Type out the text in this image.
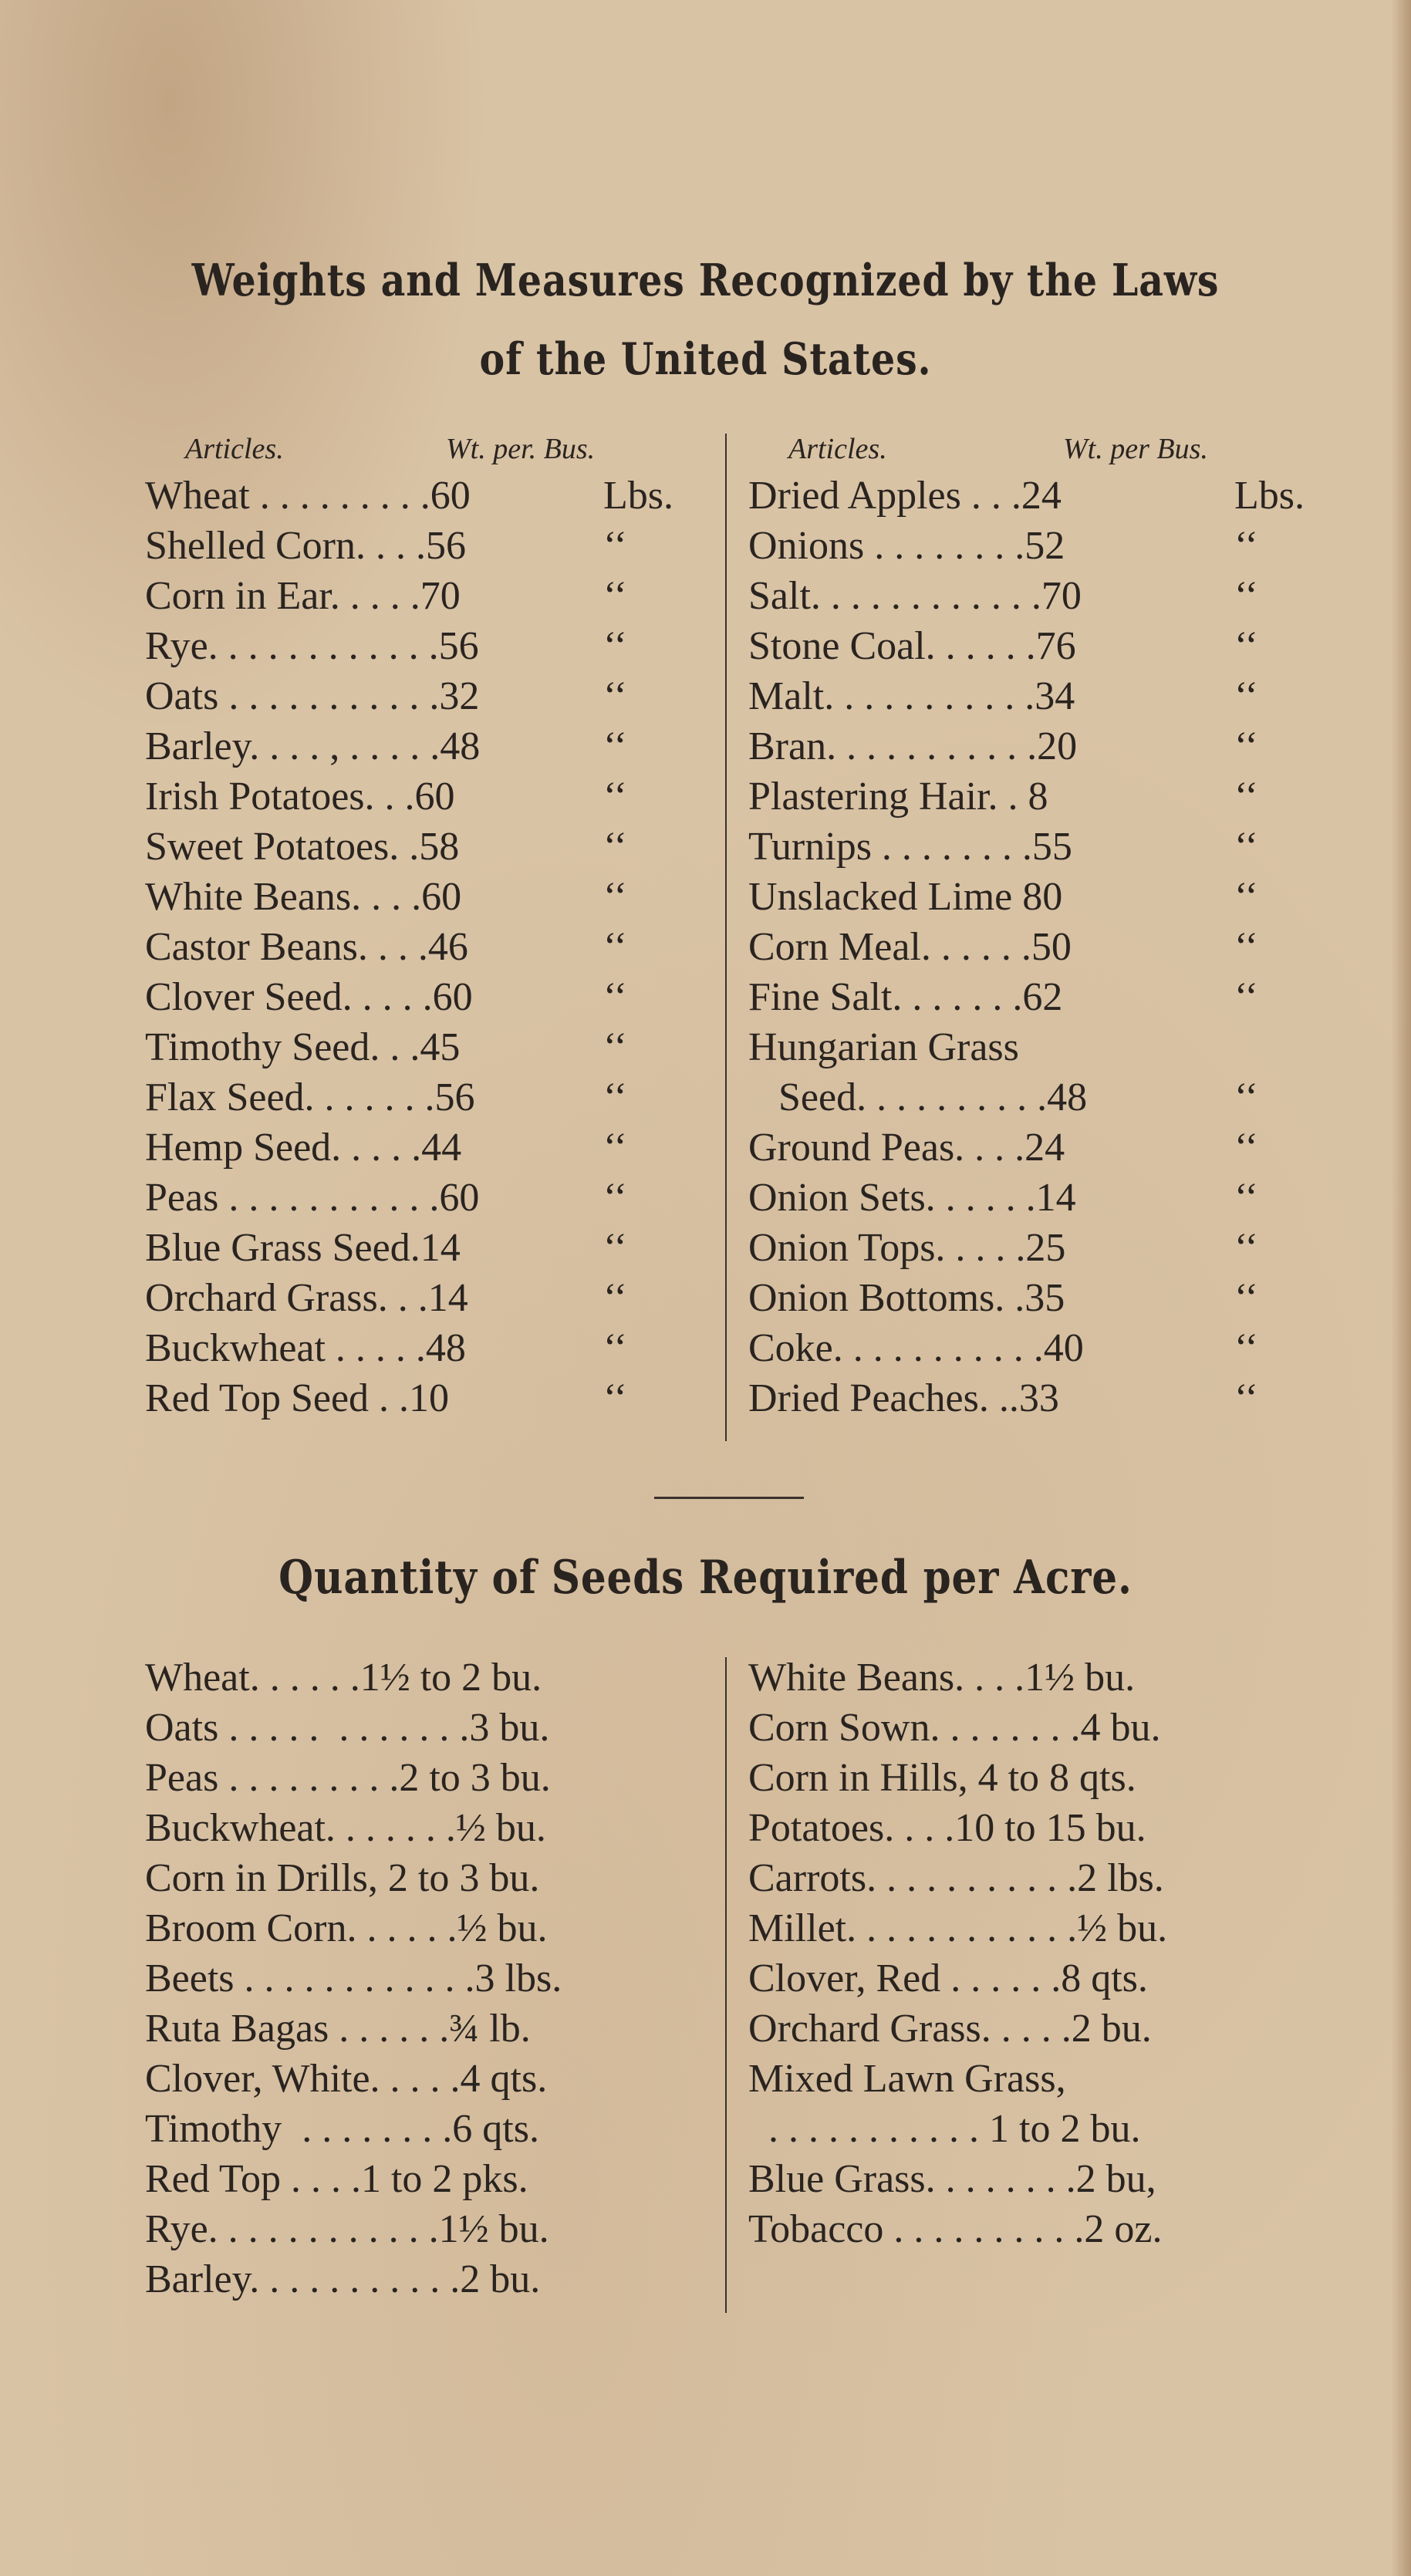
Weights and Measures Recognized by the Laws
of the United States.
Articles.	Wt. per. Bus.	Articles.	Wt. per Bus.
Wheat . . . . . . . . .60	Lbs.
Shelled Corn. . . .56	‘‘
Corn in Ear. . . . .70	‘‘
Rye. . . . . . . . . . . .56	‘‘
Oats . . . . . . . . . . .32	‘‘
Barley. . . . , . . . . .48	‘‘
Irish Potatoes. . .60	‘‘
Sweet Potatoes. .58	‘‘
White Beans. . . .60	‘‘
Castor Beans. . . .46	‘‘
Clover Seed. . . . .60	‘‘
Timothy Seed. . .45	‘‘
Flax Seed. . . . . . .56	‘‘
Hemp Seed. . . . .44	‘‘
Peas . . . . . . . . . . .60	‘‘
Blue Grass Seed.14	‘‘
Orchard Grass. . .14	‘‘
Buckwheat . . . . .48	‘‘
Red Top Seed . .10	‘‘
Dried Apples . . .24	Lbs.
Onions . . . . . . . .52	‘‘
Salt. . . . . . . . . . . .70	‘‘
Stone Coal. . . . . .76	‘‘
Malt. . . . . . . . . . .34	‘‘
Bran. . . . . . . . . . .20	‘‘
Plastering Hair. . 8	‘‘
Turnips . . . . . . . .55	‘‘
Unslacked Lime 80	‘‘
Corn Meal. . . . . .50	‘‘
Fine Salt. . . . . . .62	‘‘
Hungarian Grass
Seed. . . . . . . . . .48	‘‘
Ground Peas. . . .24	‘‘
Onion Sets. . . . . .14	‘‘
Onion Tops. . . . .25	‘‘
Onion Bottoms. .35	‘‘
Coke. . . . . . . . . . .40	‘‘
Dried Peaches. ..33	‘‘
Quantity of Seeds Required per Acre.
Wheat. . . . . .1½ to 2 bu.
Oats . . . . .  . . . . . . .3 bu.
Peas . . . . . . . . .2 to 3 bu.
Buckwheat. . . . . . .½ bu.
Corn in Drills, 2 to 3 bu.
Broom Corn. . . . . .½ bu.
Beets . . . . . . . . . . . .3 lbs.
Ruta Bagas . . . . . .¾ lb.
Clover, White. . . . .4 qts.
Timothy  . . . . . . . .6 qts.
Red Top . . . .1 to 2 pks.
Rye. . . . . . . . . . . .1½ bu.
Barley. . . . . . . . . . .2 bu.
White Beans. . . .1½ bu.
Corn Sown. . . . . . . .4 bu.
Corn in Hills, 4 to 8 qts.
Potatoes. . . .10 to 15 bu.
Carrots. . . . . . . . . . .2 lbs.
Millet. . . . . . . . . . . .½ bu.
Clover, Red . . . . . .8 qts.
Orchard Grass. . . . .2 bu.
Mixed Lawn Grass,
. . . . . . . . . . . 1 to 2 bu.
Blue Grass. . . . . . . .2 bu,
Tobacco . . . . . . . . . .2 oz.
